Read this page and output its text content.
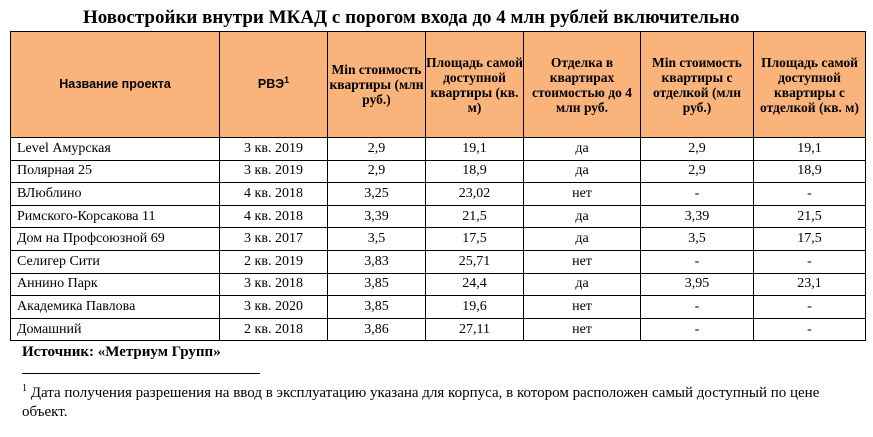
Новостройки внутри МКАД с порогом входа до 4 млн рублей включительно
Название проекта	РВЭ$^1$	Min стоимость квартиры (млн руб.)	Площадь самой доступной квартиры (кв. м)	Отделка в квартирах стоимостью до 4 млн руб.	Min стоимость квартиры с отделкой (млн руб.)	Площадь самой доступной квартиры с отделкой (кв. м)
Level Амурская	3 кв. 2019	2,9	19,1	да	2,9	19,1
Полярная 25	3 кв. 2019	2,9	18,9	да	2,9	18,9
ВЛюблино	4 кв. 2018	3,25	23,02	нет	-	-
Римского-Корсакова 11	4 кв. 2018	3,39	21,5	да	3,39	21,5
Дом на Профсоюзной 69	3 кв. 2017	3,5	17,5	да	3,5	17,5
Селигер Сити	2 кв. 2019	3,83	25,71	нет	-	-
Аннино Парк	3 кв. 2018	3,85	24,4	да	3,95	23,1
Академика Павлова	3 кв. 2020	3,85	19,6	нет	-	-
Домашний	2 кв. 2018	3,86	27,11	нет	-	-
Источник: «Метриум Групп»
$^1$ Дата получения разрешения на ввод в эксплуатацию указана для корпуса, в котором расположен самый доступный по цене объект.
